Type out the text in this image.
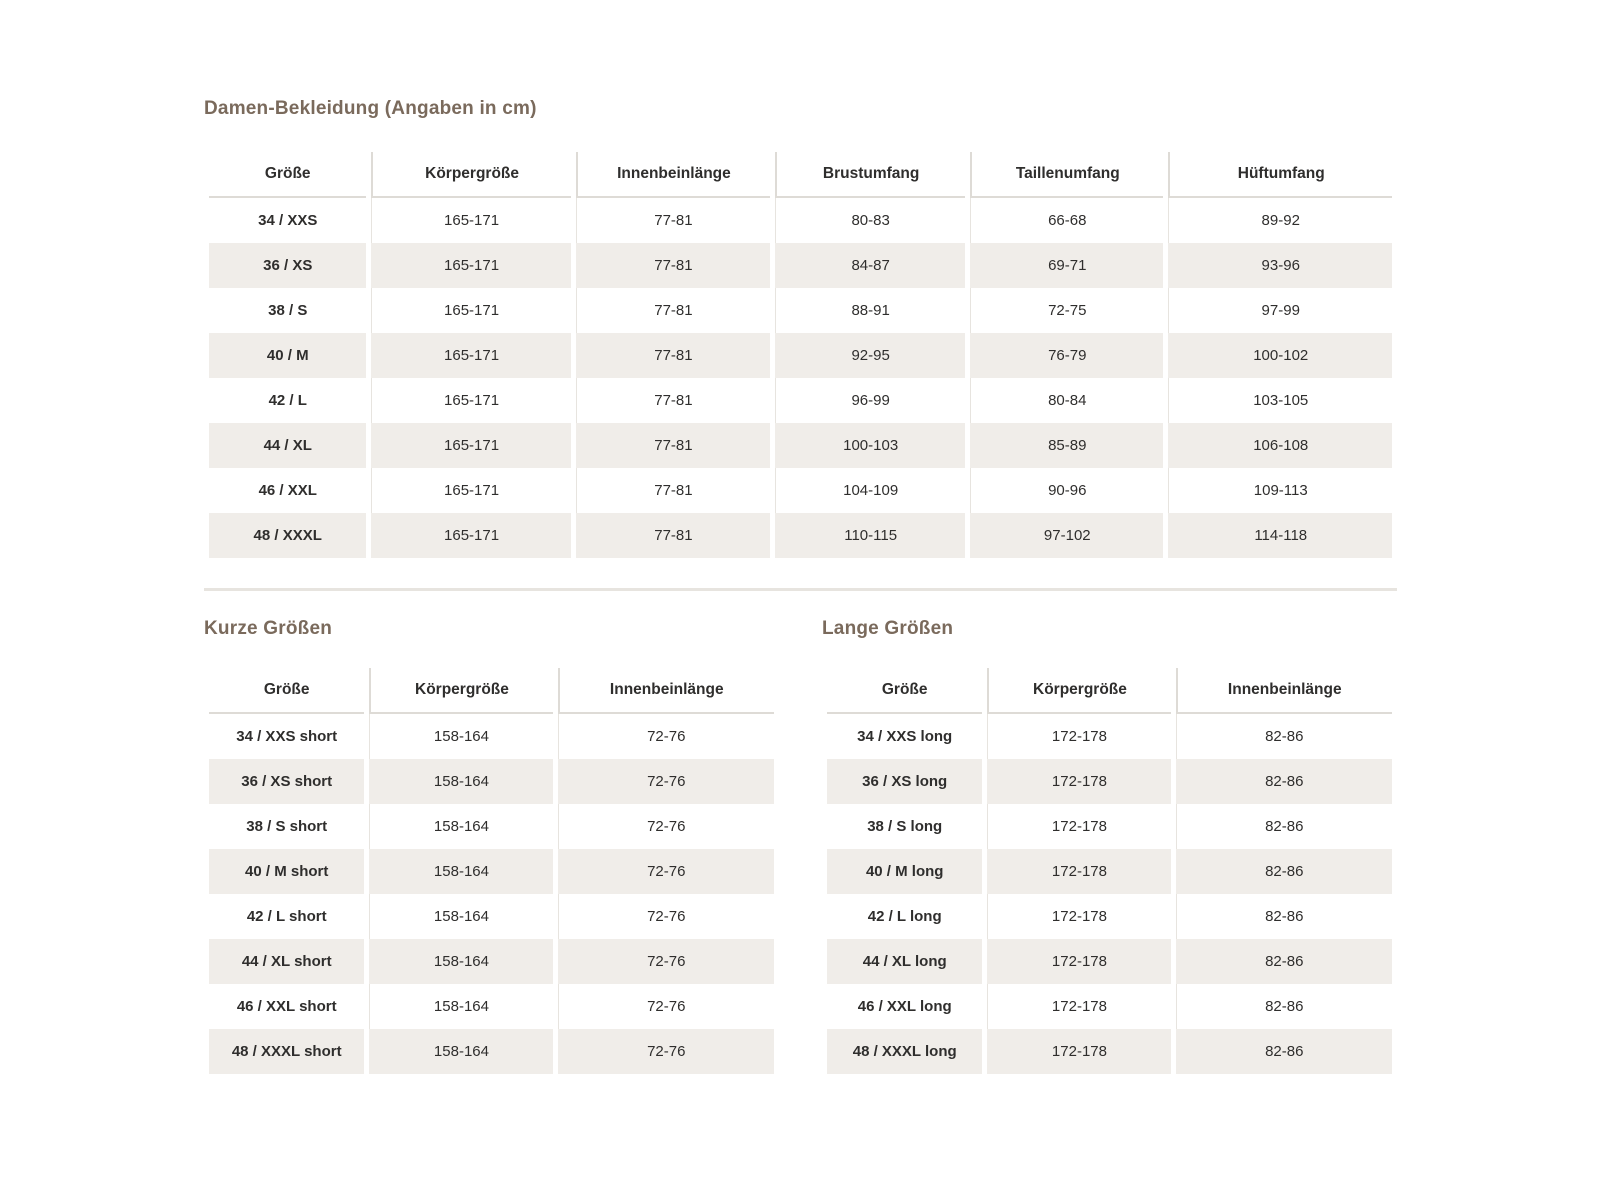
Damen-Bekleidung (Angaben in cm)
Größe	Körpergröße	Innenbeinlänge	Brustumfang	Taillenumfang	Hüftumfang
34 / XXS	165-171	77-81	80-83	66-68	89-92
36 / XS	165-171	77-81	84-87	69-71	93-96
38 / S	165-171	77-81	88-91	72-75	97-99
40 / M	165-171	77-81	92-95	76-79	100-102
42 / L	165-171	77-81	96-99	80-84	103-105
44 / XL	165-171	77-81	100-103	85-89	106-108
46 / XXL	165-171	77-81	104-109	90-96	109-113
48 / XXXL	165-171	77-81	110-115	97-102	114-118
Kurze Größen
Größe	Körpergröße	Innenbeinlänge
34 / XXS short	158-164	72-76
36 / XS short	158-164	72-76
38 / S short	158-164	72-76
40 / M short	158-164	72-76
42 / L short	158-164	72-76
44 / XL short	158-164	72-76
46 / XXL short	158-164	72-76
48 / XXXL short	158-164	72-76
Lange Größen
Größe	Körpergröße	Innenbeinlänge
34 / XXS long	172-178	82-86
36 / XS long	172-178	82-86
38 / S long	172-178	82-86
40 / M long	172-178	82-86
42 / L long	172-178	82-86
44 / XL long	172-178	82-86
46 / XXL long	172-178	82-86
48 / XXXL long	172-178	82-86
